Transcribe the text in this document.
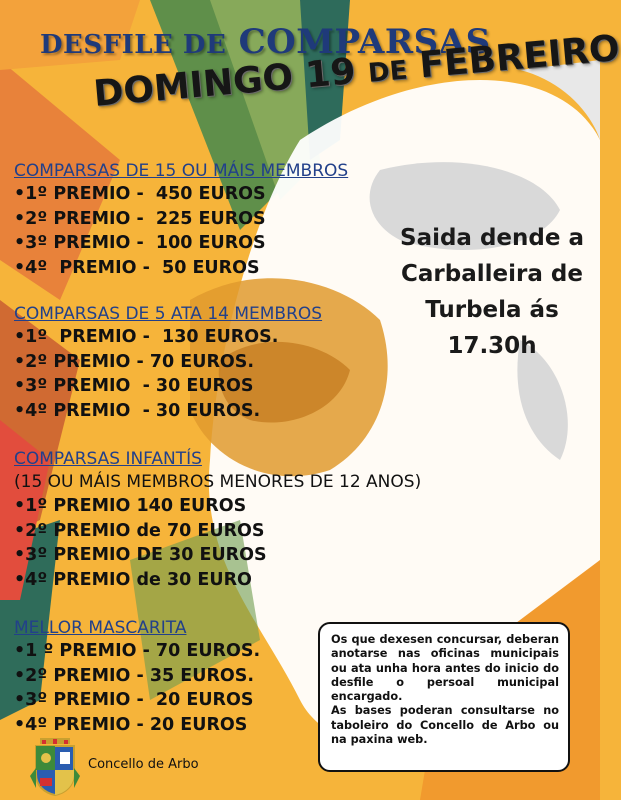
DESFILE DE COMPARSAS
DOMINGO 19 DE FEBREIRO
COMPARSAS DE 15 OU MÁIS MEMBROS
•1º PREMIO -  450 EUROS
•2º PREMIO -  225 EUROS
•3º PREMIO -  100 EUROS
•4º  PREMIO -  50 EUROS
COMPARSAS DE 5 ATA 14 MEMBROS
•1º  PREMIO -  130 EUROS.
•2º PREMIO - 70 EUROS.
•3º PREMIO  - 30 EUROS
•4º PREMIO  - 30 EUROS.
COMPARSAS INFANTÍS
(15 OU MÁIS MEMBROS MENORES DE 12 ANOS)
•1º PREMIO 140 EUROS
•2º PREMIO de 70 EUROS
•3º PREMIO DE 30 EUROS
•4º PREMIO de 30 EURO
MELLOR MASCARITA
•1 º PREMIO - 70 EUROS.
•2º PREMIO - 35 EUROS.
•3º PREMIO -  20 EUROS
•4º PREMIO - 20 EUROS
Saida dende a
Carballeira de
Turbela ás
17.30h

Os que dexesen concursar, deberan anotarse nas oficinas municipais ou ata unha hora antes do inicio do desfile o persoal municipal encargado.

As bases poderan consultarse no taboleiro do Concello de Arbo ou na paxina web.

Concello de Arbo
